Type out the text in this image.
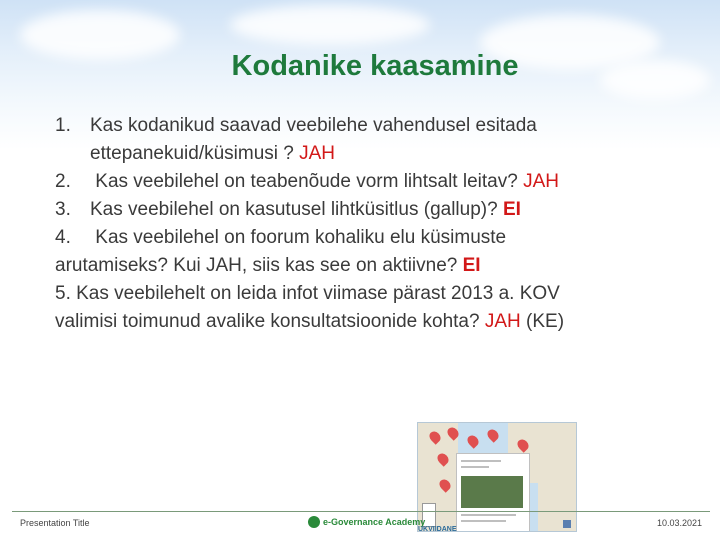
Kodanike kaasamine

1. Kas kodanikud saavad veebilehe vahendusel esitada

ettepanekuid/küsimusi ? JAH

2. Kas veebilehel on teabenõude vorm lihtsalt leitav? JAH

3. Kas veebilehel on kasutusel lihtküsitlus (gallup)? EI

4. Kas veebilehel on foorum kohaliku elu küsimuste

arutamiseks? Kui JAH, siis kas see on aktiivne? EI

5. Kas veebilehelt on leida infot viimase pärast 2013 a. KOV

valimisi toimunud avalike konsultatsioonide kohta? JAH (KE)

Presentation Title	e-Governance Academy
UKVIIDANE
10.03.2021
